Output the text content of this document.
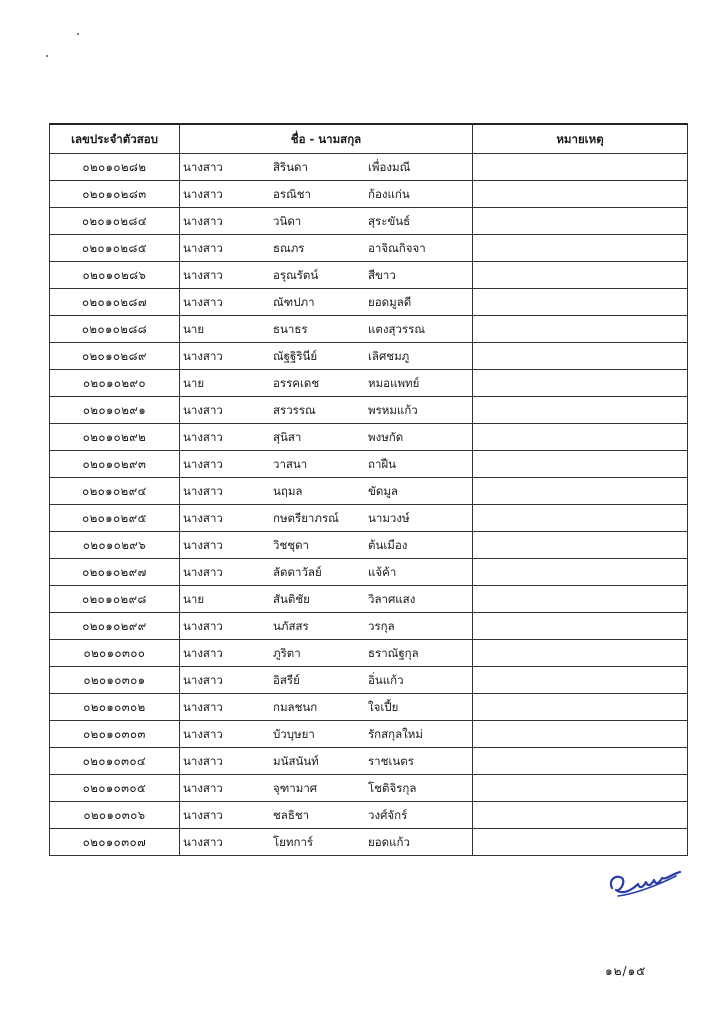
เลขประจำตัวสอบ	ชื่อ - นามสกุล	หมายเหตุ
๐๒๐๑๐๒๘๒	นางสาว สิรินดา เพื่องมณี	

๐๒๐๑๐๒๘๓	นางสาว อรณิชา ก้องแก่น	

๐๒๐๑๐๒๘๔	นางสาว วนิดา สุระขันธ์	

๐๒๐๑๐๒๘๕	นางสาว ธณภร อาจิณกิจจา	

๐๒๐๑๐๒๘๖	นางสาว อรุณรัตน์ สีขาว	

๐๒๐๑๐๒๘๗	นางสาว ณัฑปภา ยอดมูลดี	

๐๒๐๑๐๒๘๘	นาย ธนาธร แตงสุวรรณ	

๐๒๐๑๐๒๘๙	นางสาว ณัฐฐิรินีย์ เลิศชมภู	

๐๒๐๑๐๒๙๐	นาย อรรคเดช หมอแพทย์	

๐๒๐๑๐๒๙๑	นางสาว สรวรรณ พรหมแก้ว	

๐๒๐๑๐๒๙๒	นางสาว สุนิสา พงษกัด	

๐๒๐๑๐๒๙๓	นางสาว วาสนา ถาฝืน	

๐๒๐๑๐๒๙๔	นางสาว นฤมล ขัดมูล	

๐๒๐๑๐๒๙๕	นางสาว กษตรียาภรณ์ นามวงษ์	

๐๒๐๑๐๒๙๖	นางสาว วิชชุดา ต้นเมือง	

๐๒๐๑๐๒๙๗	นางสาว ลัดดาวัลย์ แจ้ค้า	

๐๒๐๑๐๒๙๘	นาย สันติชัย วิลาศแสง	

๐๒๐๑๐๒๙๙	นางสาว นภัสสร วรกุล	

๐๒๐๑๐๓๐๐	นางสาว ภูริตา ธราณัฐกุล	

๐๒๐๑๐๓๐๑	นางสาว อิสรีย์ อิ่นแก้ว	

๐๒๐๑๐๓๐๒	นางสาว กมลชนก ใจเปี้ย	

๐๒๐๑๐๓๐๓	นางสาว บัวบุษยา รักสกุลใหม่	

๐๒๐๑๐๓๐๔	นางสาว มนัสนันท์ ราชเนตร	

๐๒๐๑๐๓๐๕	นางสาว จุฑามาศ โชติจิรกุล	

๐๒๐๑๐๓๐๖	นางสาว ชลธิชา วงศ์จักร์	

๐๒๐๑๐๓๐๗	นางสาว โยทการ์ ยอดแก้ว	

๑๒/๑๕
